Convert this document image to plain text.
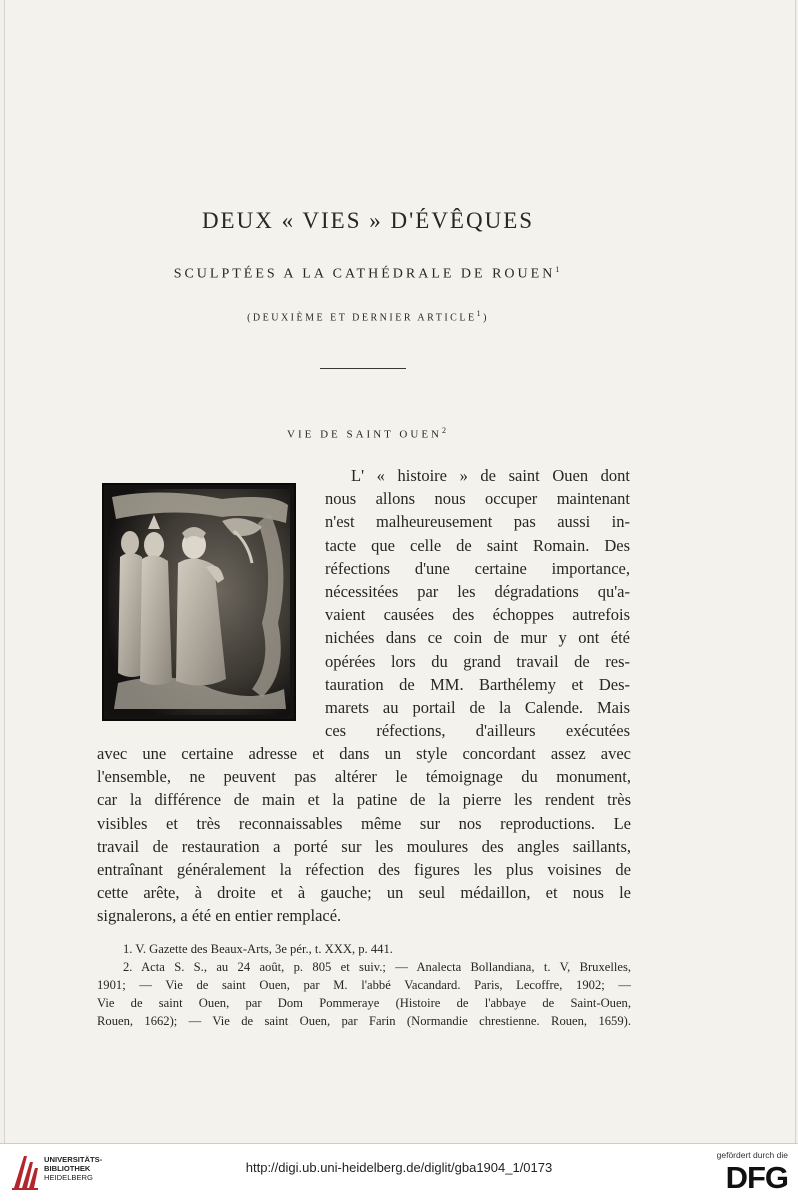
DEUX « VIES » D'ÉVÊQUES
SCULPTÉES A LA CATHÉDRALE DE ROUEN$^1$
(DEUXIÈME ET DERNIER ARTICLE$^1$)
VIE DE SAINT OUEN$^2$
L' « histoire » de saint Ouen dont
nous allons nous occuper maintenant
n'est malheureusement pas aussi in-
tacte que celle de saint Romain. Des
réfections d'une certaine importance,
nécessitées par les dégradations qu'a-
vaient causées des échoppes autrefois
nichées dans ce coin de mur y ont été
opérées lors du grand travail de res-
tauration de MM. Barthélemy et Des-
marets au portail de la Calende. Mais
ces réfections, d'ailleurs exécutées
avec une certaine adresse et dans un style concordant assez avec
l'ensemble, ne peuvent pas altérer le témoignage du monument,
car la différence de main et la patine de la pierre les rendent très
visibles et très reconnaissables même sur nos reproductions. Le
travail de restauration a porté sur les moulures des angles saillants,
entraînant généralement la réfection des figures les plus voisines de
cette arête, à droite et à gauche; un seul médaillon, et nous le
signalerons, a été en entier remplacé.
1. V. Gazette des Beaux-Arts, 3e pér., t. XXX, p. 441.
2. Acta S. S., au 24 août, p. 805 et suiv.; — Analecta Bollandiana, t. V, Bruxelles,
1901; — Vie de saint Ouen, par M. l'abbé Vacandard. Paris, Lecoffre, 1902; —
Vie de saint Ouen, par Dom Pommeraye (Histoire de l'abbaye de Saint-Ouen,
Rouen, 1662); — Vie de saint Ouen, par Farin (Normandie chrestienne. Rouen, 1659).
UNIVERSITÄTS-
BIBLIOTHEK
HEIDELBERG
http://digi.ub.uni-heidelberg.de/diglit/gba1904_1/0173
gefördert durch die
DFG
